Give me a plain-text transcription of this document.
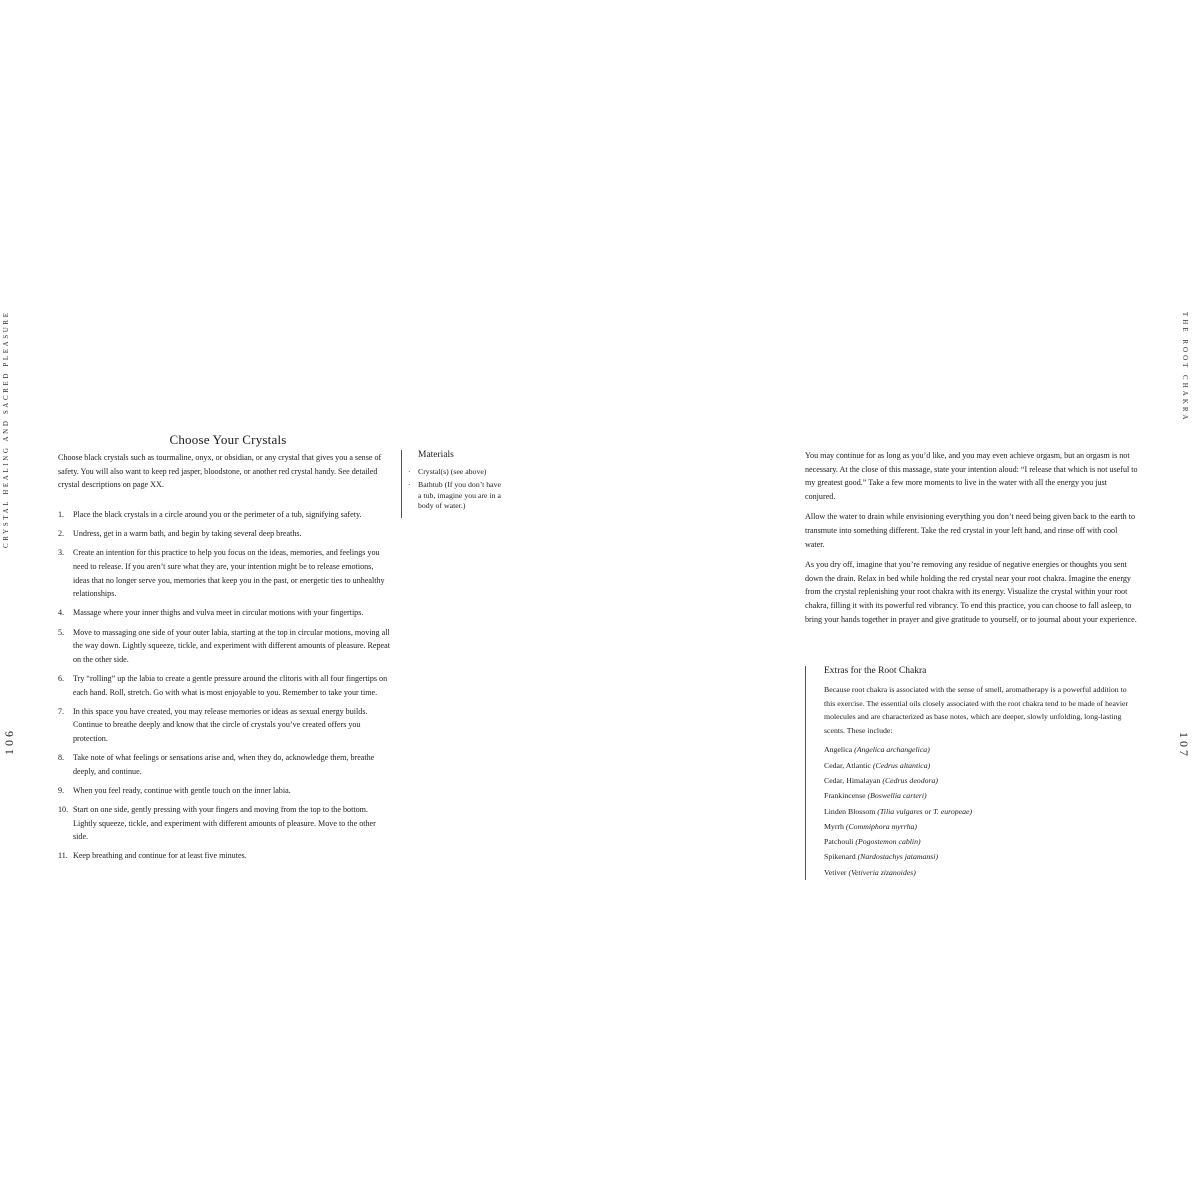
CRYSTAL HEALING AND SACRED PLEASURE	THE ROOT CHAKRA
106	107
Choose Your Crystals

Choose black crystals such as tourmaline, onyx, or obsidian, or any crystal that gives you a sense of safety. You will also want to keep red jasper, bloodstone, or another red crystal handy. See detailed crystal descriptions on page XX.

1. Place the black crystals in a circle around you or the perimeter of a tub, signifying safety.
2. Undress, get in a warm bath, and begin by taking several deep breaths.
3. Create an intention for this practice to help you focus on the ideas, memories, and feelings you need to release. If you aren’t sure what they are, your intention might be to release emotions, ideas that no longer serve you, memories that keep you in the past, or energetic ties to unhealthy relationships.
4. Massage where your inner thighs and vulva meet in circular motions with your fingertips.
5. Move to massaging one side of your outer labia, starting at the top in circular motions, moving all the way down. Lightly squeeze, tickle, and experiment with different amounts of pleasure. Repeat on the other side.
6. Try “rolling” up the labia to create a gentle pressure around the clitoris with all four fingertips on each hand. Roll, stretch. Go with what is most enjoyable to you. Remember to take your time.
7. In this space you have created, you may release memories or ideas as sexual energy builds. Continue to breathe deeply and know that the circle of crystals you’ve created offers you protection.
8. Take note of what feelings or sensations arise and, when they do, acknowledge them, breathe deeply, and continue.
9. When you feel ready, continue with gentle touch on the inner labia.
10. Start on one side, gently pressing with your fingers and moving from the top to the bottom. Lightly squeeze, tickle, and experiment with different amounts of pleasure. Move to the other side.
11. Keep breathing and continue for at least five minutes.
Materials
· Crystal(s) (see above)
· Bathtub (If you don’t have a tub, imagine you are in a body of water.)

You may continue for as long as you’d like, and you may even achieve orgasm, but an orgasm is not necessary. At the close of this massage, state your intention aloud: “I release that which is not useful to my greatest good.” Take a few more moments to live in the water with all the energy you just conjured.

Allow the water to drain while envisioning everything you don’t need being given back to the earth to transmute into something different. Take the red crystal in your left hand, and rinse off with cool water.

As you dry off, imagine that you’re removing any residue of negative energies or thoughts you sent down the drain. Relax in bed while holding the red crystal near your root chakra. Imagine the energy from the crystal replenishing your root chakra with its energy. Visualize the crystal within your root chakra, filling it with its powerful red vibrancy. To end this practice, you can choose to fall asleep, to bring your hands together in prayer and give gratitude to yourself, or to journal about your experience.

Extras for the Root Chakra

Because root chakra is associated with the sense of smell, aromatherapy is a powerful addition to this exercise. The essential oils closely associated with the root chakra tend to be made of heavier molecules and are characterized as base notes, which are deeper, slowly unfolding, long-lasting scents. These include:

Angelica (Angelica archangelica)
Cedar, Atlantic (Cedrus altantica)
Cedar, Himalayan (Cedrus deodora)
Frankincense (Boswellia carteri)
Linden Blossom (Tilia vulgares or T. europeae)
Myrrh (Commiphora myrrha)
Patchouli (Pogostemon cablin)
Spikenard (Nardostachys jatamansi)
Vetiver (Vetiveria zizanoides)
